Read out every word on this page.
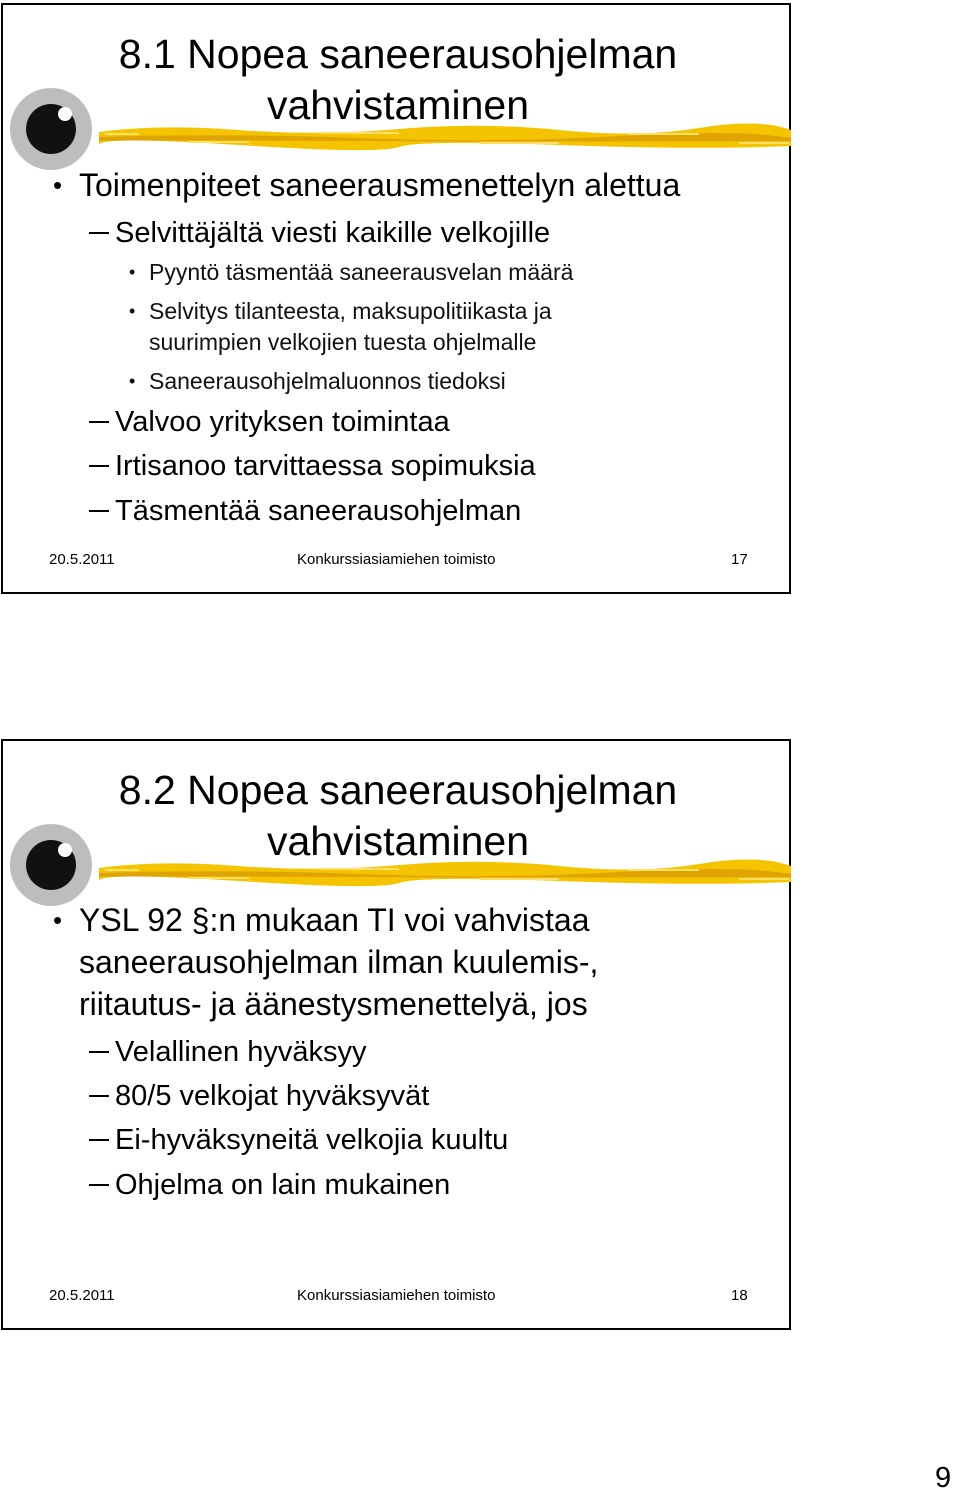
8.1 Nopea saneerausohjelman
vahvistaminen
• Toimenpiteet saneerausmenettelyn alettua
Selvittäjältä viesti kaikille velkojille
• Pyyntö täsmentää saneerausvelan määrä
• Selvitys tilanteesta, maksupolitiikasta ja
suurimpien velkojien tuesta ohjelmalle
• Saneerausohjelmaluonnos tiedoksi
Valvoo yrityksen toimintaa
Irtisanoo tarvittaessa sopimuksia
Täsmentää saneerausohjelman
20.5.2011	Konkurssiasiamiehen toimisto	17
8.2 Nopea saneerausohjelman
vahvistaminen
• YSL 92 §:n mukaan TI voi vahvistaa
saneerausohjelman ilman kuulemis-,
riitautus- ja äänestysmenettelyä, jos
Velallinen hyväksyy
80/5 velkojat hyväksyvät
Ei-hyväksyneitä velkojia kuultu
Ohjelma on lain mukainen
20.5.2011	Konkurssiasiamiehen toimisto	18
9
